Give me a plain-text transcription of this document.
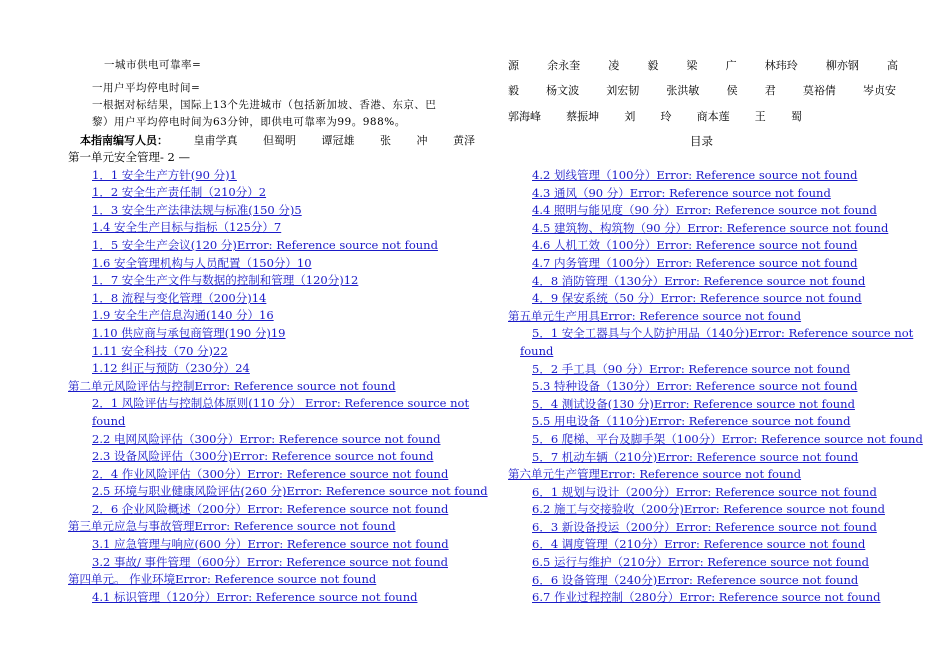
一城市供电可靠率=
一用户平均停电时间=
一根据对标结果，国际上13个先进城市（包括新加坡、香港、东京、巴
黎）用户平均停电时间为63分钟，即供电可靠率为99。988%。
本指南编写人员： 皇甫学真 但蜀明 谭冠雄 张 冲 黄泽
源	余永奎	凌	毅	梁	广	林玮玲	柳亦钢	高
毅 杨文波 刘宏韧 张洪敏 侯 君 莫裕倩 岑贞安
郭海峰 蔡振坤 刘 玲 商本莲 王 蜀
目录
第一单元安全管理- 2 —
1．1 安全生产方针(90 分)1
1．2 安全生产责任制（210分）2
1．3 安全生产法律法规与标准(150 分)5
1.4 安全生产目标与指标（125分）7
1．5 安全生产会议(120 分)Error: Reference source not found
1.6 安全管理机构与人员配置（150分）10
1．7 安全生产文件与数据的控制和管理（120分)12
1．8 流程与变化管理（200分)14
1.9 安全生产信息沟通(140 分）16
1.10 供应商与承包商管理(190 分)19
1.11 安全科技（70 分)22
1.12 纠正与预防（230分）24
第二单元风险评估与控制Error: Reference source not found
2．1 风险评估与控制总体原则(110 分） Error: Reference source not
found
2.2 电网风险评估（300分）Error: Reference source not found
2.3 设备风险评估（300分)Error: Reference source not found
2．4 作业风险评估（300分）Error: Reference source not found
2.5 环境与职业健康风险评估(260 分)Error: Reference source not found
2．6 企业风险概述（200分）Error: Reference source not found
第三单元应急与事故管理Error: Reference source not found
3.1 应急管理与响应(600 分）Error: Reference source not found
3.2 事故/ 事件管理（600分）Error: Reference source not found
第四单元。 作业环境Error: Reference source not found
4.1 标识管理（120分）Error: Reference source not found
4.2 划线管理（100分）Error: Reference source not found
4.3 通风（90 分）Error: Reference source not found
4.4 照明与能见度（90 分）Error: Reference source not found
4.5 建筑物、构筑物（90 分）Error: Reference source not found
4.6 人机工效（100分）Error: Reference source not found
4.7 内务管理（100分）Error: Reference source not found
4．8 消防管理（130分）Error: Reference source not found
4．9 保安系统（50 分）Error: Reference source not found
第五单元生产用具Error: Reference source not found
5．1 安全工器具与个人防护用品（140分)Error: Reference source not
found
5．2 手工具（90 分）Error: Reference source not found
5.3 特种设备（130分）Error: Reference source not found
5．4 测试设备(130 分)Error: Reference source not found
5.5 用电设备（110分)Error: Reference source not found
5．6 爬梯、平台及脚手架（100分）Error: Reference source not found
5．7 机动车辆（210分)Error: Reference source not found
第六单元生产管理Error: Reference source not found
6．1 规划与设计（200分）Error: Reference source not found
6.2 施工与交接验收（200分)Error: Reference source not found
6．3 新设备投运（200分）Error: Reference source not found
6．4 调度管理（210分）Error: Reference source not found
6.5 运行与维护（210分）Error: Reference source not found
6．6 设备管理（240分)Error: Reference source not found
6.7 作业过程控制（280分）Error: Reference source not found
